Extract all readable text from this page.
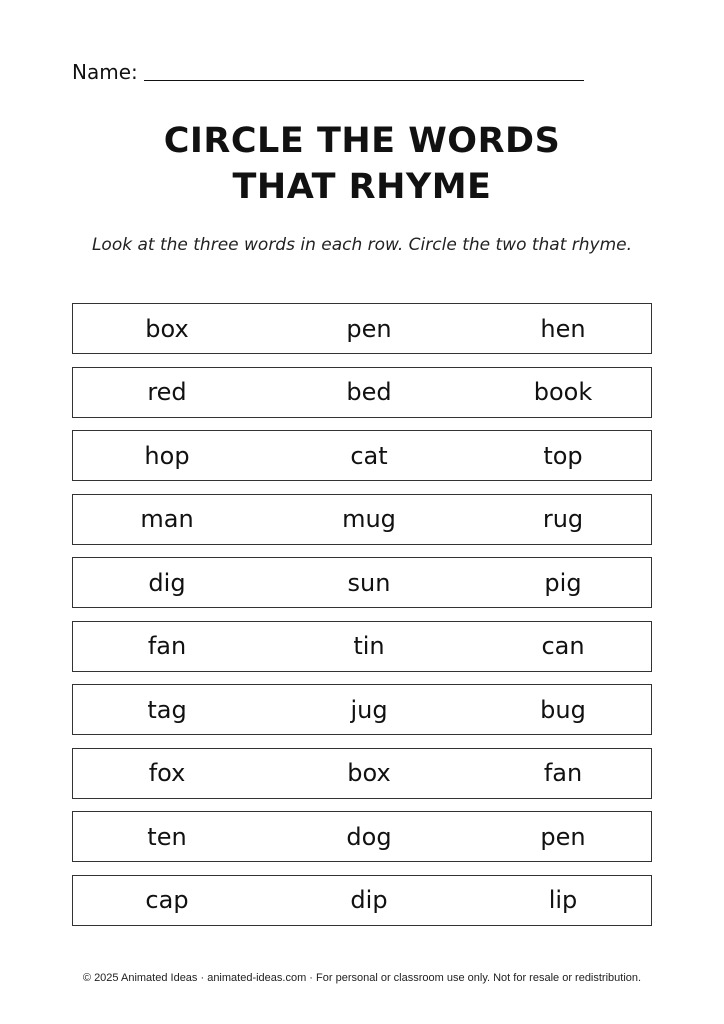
Name:
CIRCLE THE WORDS
THAT RHYME
Look at the three words in each row. Circle the two that rhyme.
box	pen	hen
red	bed	book
hop	cat	top
man	mug	rug
dig	sun	pig
fan	tin	can
tag	jug	bug
fox	box	fan
ten	dog	pen
cap	dip	lip
© 2025 Animated Ideas · animated-ideas.com · For personal or classroom use only. Not for resale or redistribution.
